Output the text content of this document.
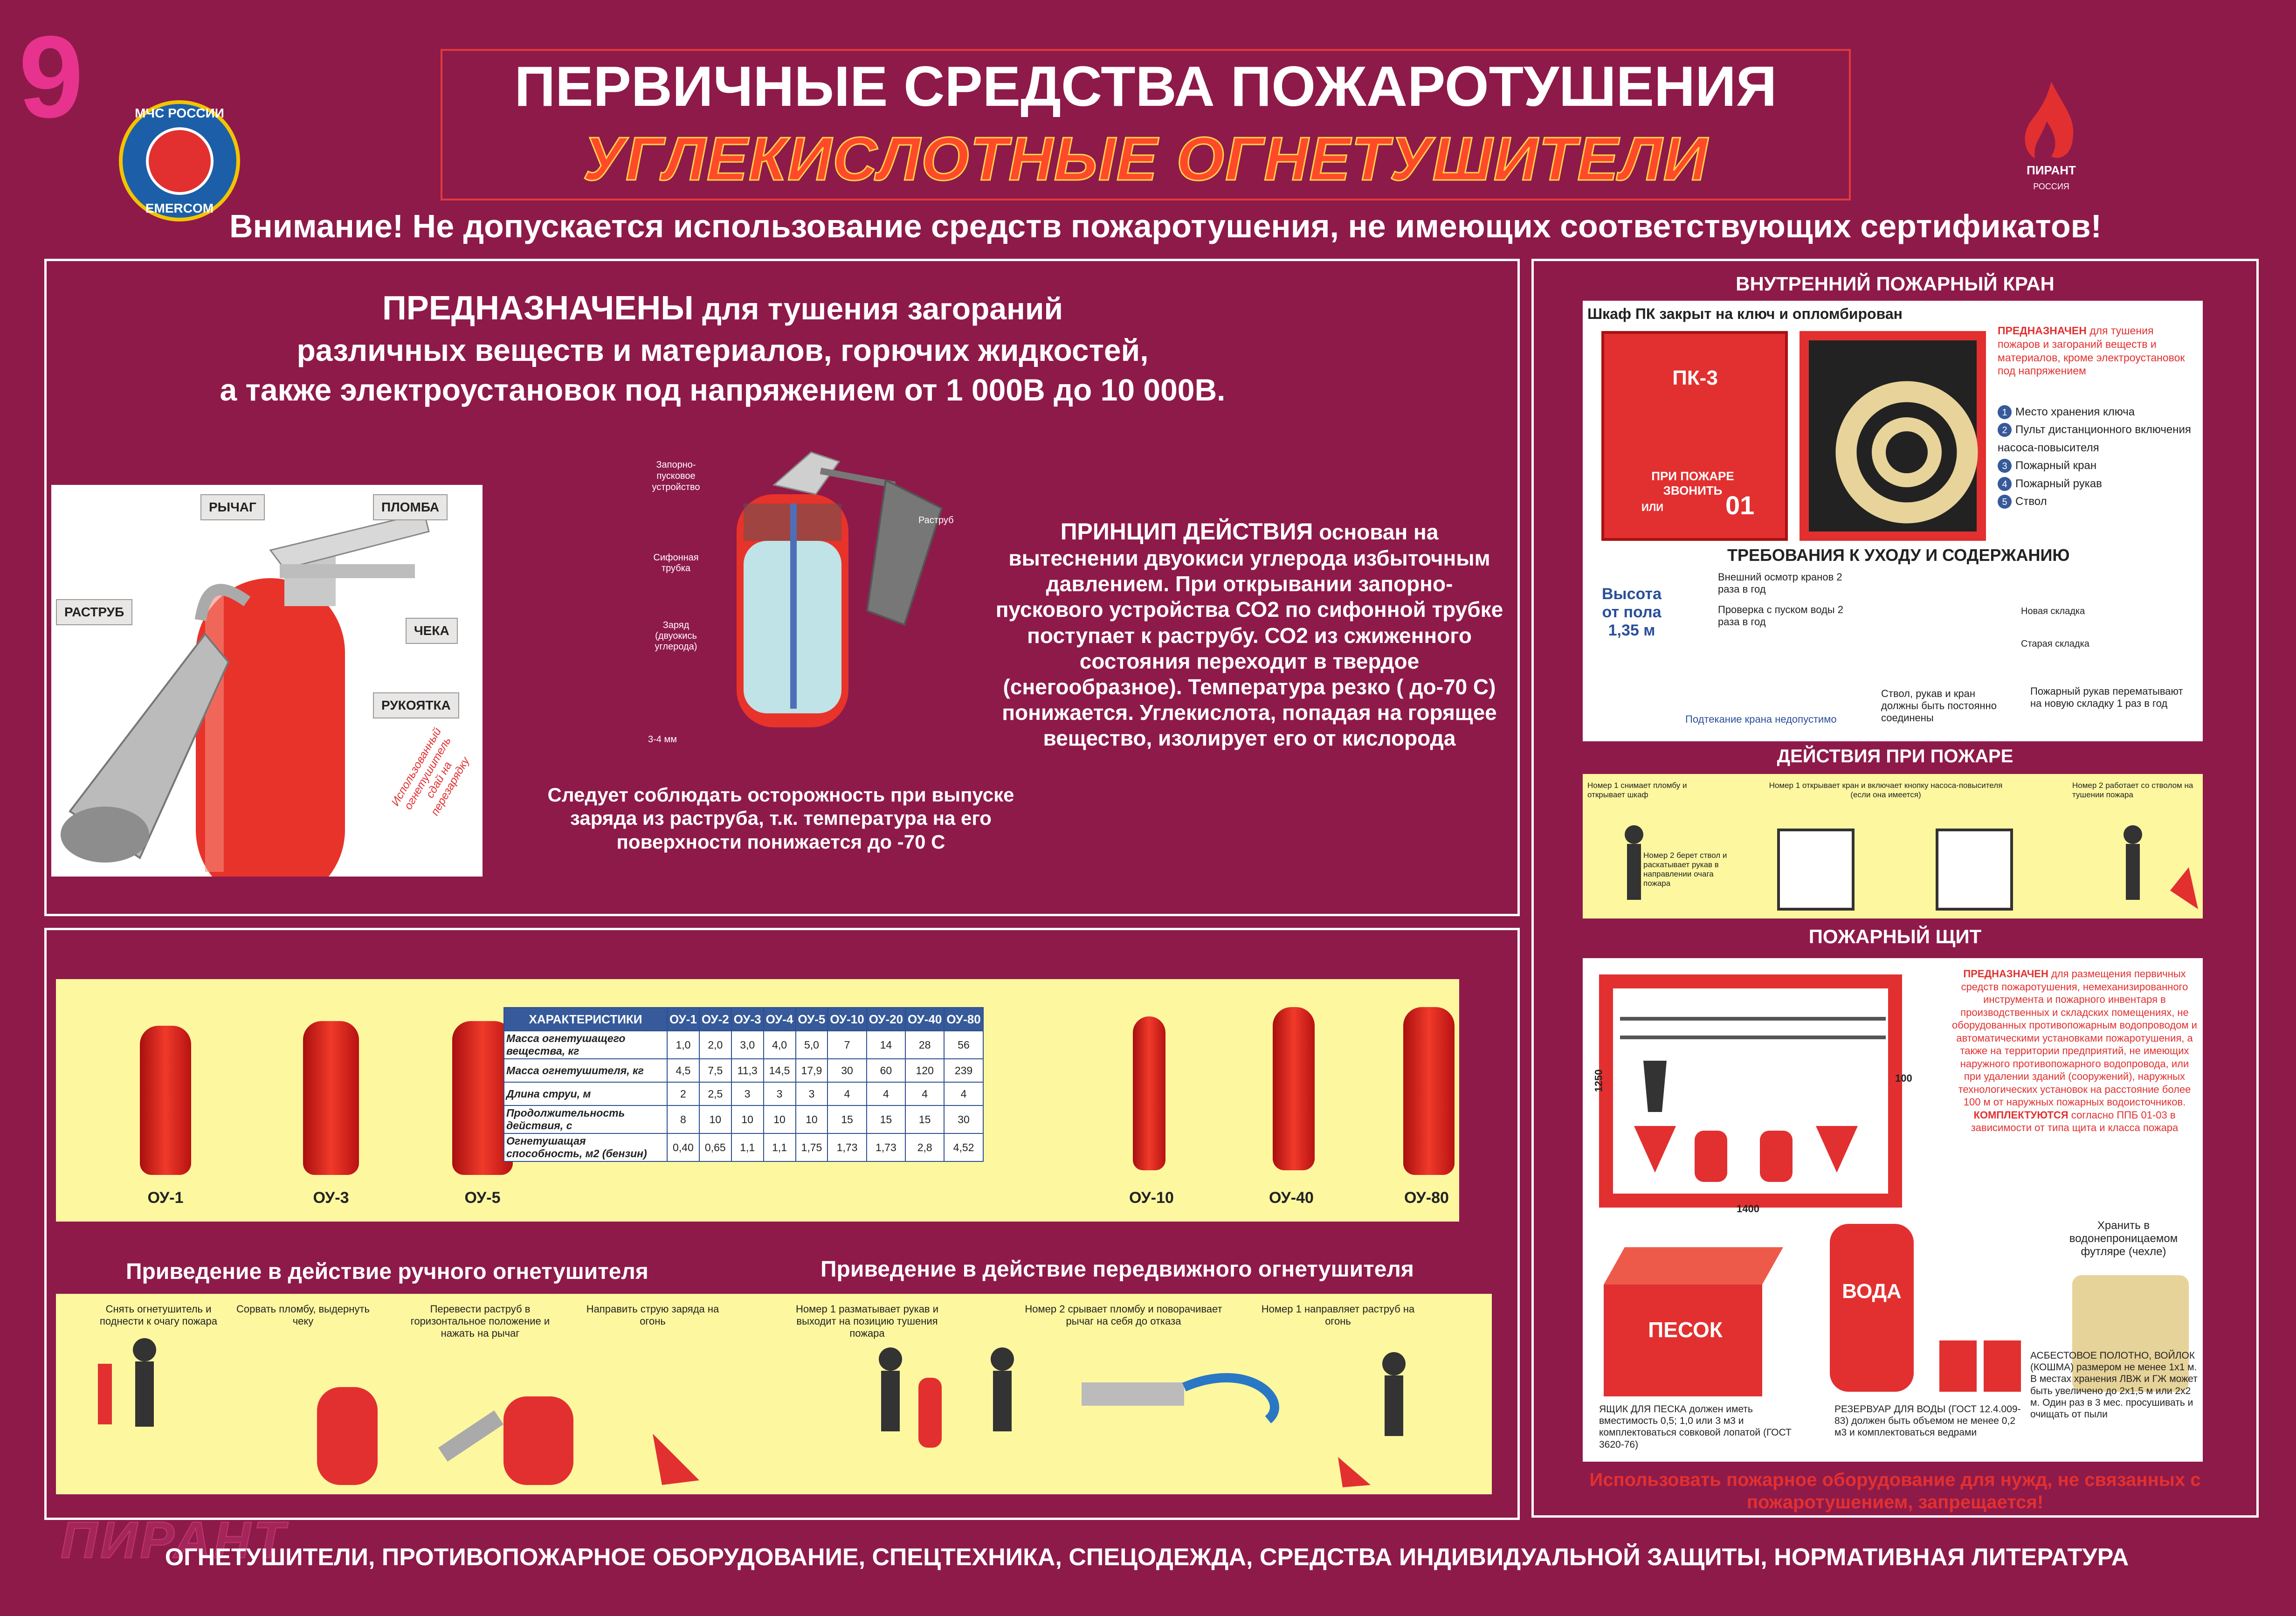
9	МЧС РОССИИ
EMERCOM
ПЕРВИЧНЫЕ СРЕДСТВА ПОЖАРОТУШЕНИЯ
УГЛЕКИСЛОТНЫЕ ОГНЕТУШИТЕЛИ	ПИРАНТ
РОССИЯ
Внимание! Не допускается использование средств пожаротушения, не имеющих соответствующих сертификатов!
ПРЕДНАЗНАЧЕНЫ для тушения загораний
различных веществ и материалов, горючих жидкостей,
а также электроустановок под напряжением от 1 000В до 10 000В.
РЫЧАГ	ПЛОМБА
РАСТРУБ
ЧЕКА
РУКОЯТКА
Использованный огнетушитель сдай на перезарядку
Запорно-пусковое устройство
Раструб
Сифонная трубка
Заряд (двуокись углерода)
3-4 мм
Следует соблюдать осторожность при выпуске заряда из раструба, т.к. температура на его поверхности понижается до -70 С
ПРИНЦИП ДЕЙСТВИЯ основан на вытеснении двуокиси углерода избыточным давлением. При открывании запорно-пускового устройства СО2 по сифонной трубке поступает к раструбу. СО2 из сжиженного состояния переходит в твердое (снегообразное). Температура резко ( до-70 С) понижается. Углекислота, попадая на горящее вещество, изолирует его от кислорода
ОУ-1	ОУ-3	ОУ-5
ХАРАКТЕРИСТИКИ	ОУ-1	ОУ-2	ОУ-3	ОУ-4	ОУ-5	ОУ-10	ОУ-20	ОУ-40	ОУ-80
Масса огнетушащего вещества, кг	1,0	2,0	3,0	4,0	5,0	7	14	28	56
Масса огнетушителя, кг	4,5	7,5	11,3	14,5	17,9	30	60	120	239
Длина струи, м	2	2,5	3	3	3	4	4	4	4
Продолжительность действия, с	8	10	10	10	10	15	15	15	30
Огнетушащая способность, м2 (бензин)	0,40	0,65	1,1	1,1	1,75	1,73	1,73	2,8	4,52
ОУ-10	ОУ-40	ОУ-80
Приведение в действие ручного огнетушителя	Приведение в действие передвижного огнетушителя
Снять огнетушитель и поднести к очагу пожара
Сорвать пломбу, выдернуть чеку
Перевести раструб в горизонтальное положение и нажать на рычаг
Направить струю заряда на огонь
Номер 1 разматывает рукав и выходит на позицию тушения пожара
Номер 2 срывает пломбу и поворачивает рычаг на себя до отказа
Номер 1 направляет раструб на огонь
ВНУТРЕННИЙ ПОЖАРНЫЙ КРАН
Шкаф ПК закрыт на ключ и опломбирован
ПК-3
ПРИ ПОЖАРЕ ЗВОНИТЬ
ИЛИ 01
ПРЕДНАЗНАЧЕН для тушения пожаров и загораний веществ и материалов, кроме электроустановок под напряжением
1 Место хранения ключа
2 Пульт дистанционного включения насоса-повысителя
3 Пожарный кран
4 Пожарный рукав
5 Ствол
Высота от пола 1,35 м
ТРЕБОВАНИЯ К УХОДУ И СОДЕРЖАНИЮ
Внешний осмотр кранов 2 раза в год
Проверка с пуском воды 2 раза в год
Новая складка
Старая складка
Ствол, рукав и кран должны быть постоянно соединены
Пожарный рукав перематывают на новую складку 1 раз в год
Подтекание крана недопустимо
ДЕЙСТВИЯ ПРИ ПОЖАРЕ
Номер 1 снимает пломбу и открывает шкаф
Номер 2 берет ствол и раскатывает рукав в направлении очага пожара
Номер 1 открывает кран и включает кнопку насоса-повысителя (если она имеется)
Номер 2 работает со стволом на тушении пожара
ПОЖАРНЫЙ ЩИТ
1250
1400
100
ПРЕДНАЗНАЧЕН для размещения первичных средств пожаротушения, немеханизированного инструмента и пожарного инвентаря в производственных и складских помещениях, не оборудованных противопожарным водопроводом и автоматическими установками пожаротушения, а также на территории предприятий, не имеющих наружного противопожарного водопровода, или при удалении зданий (сооружений), наружных технологических установок на расстояние более 100 м от наружных пожарных водоисточников. КОМПЛЕКТУЮТСЯ согласно ППБ 01-03 в зависимости от типа щита и класса пожара
ПЕСОК
ВОДА
Хранить в водонепроницаемом футляре (чехле)
ЯЩИК ДЛЯ ПЕСКА должен иметь вместимость 0,5; 1,0 или 3 м3 и комплектоваться совковой лопатой (ГОСТ 3620-76)
РЕЗЕРВУАР ДЛЯ ВОДЫ (ГОСТ 12.4.009-83) должен быть объемом не менее 0,2 м3 и комплектоваться ведрами
АСБЕСТОВОЕ ПОЛОТНО, ВОЙЛОК (КОШМА) размером не менее 1х1 м. В местах хранения ЛВЖ и ГЖ может быть увеличено до 2х1,5 м или 2х2 м. Один раз в 3 мес. просушивать и очищать от пыли
Использовать пожарное оборудование для нужд, не связанных с пожаротушением, запрещается!
ПИРАНТ
ОГНЕТУШИТЕЛИ, ПРОТИВОПОЖАРНОЕ ОБОРУДОВАНИЕ, СПЕЦТЕХНИКА, СПЕЦОДЕЖДА, СРЕДСТВА ИНДИВИДУАЛЬНОЙ ЗАЩИТЫ, НОРМАТИВНАЯ ЛИТЕРАТУРА
